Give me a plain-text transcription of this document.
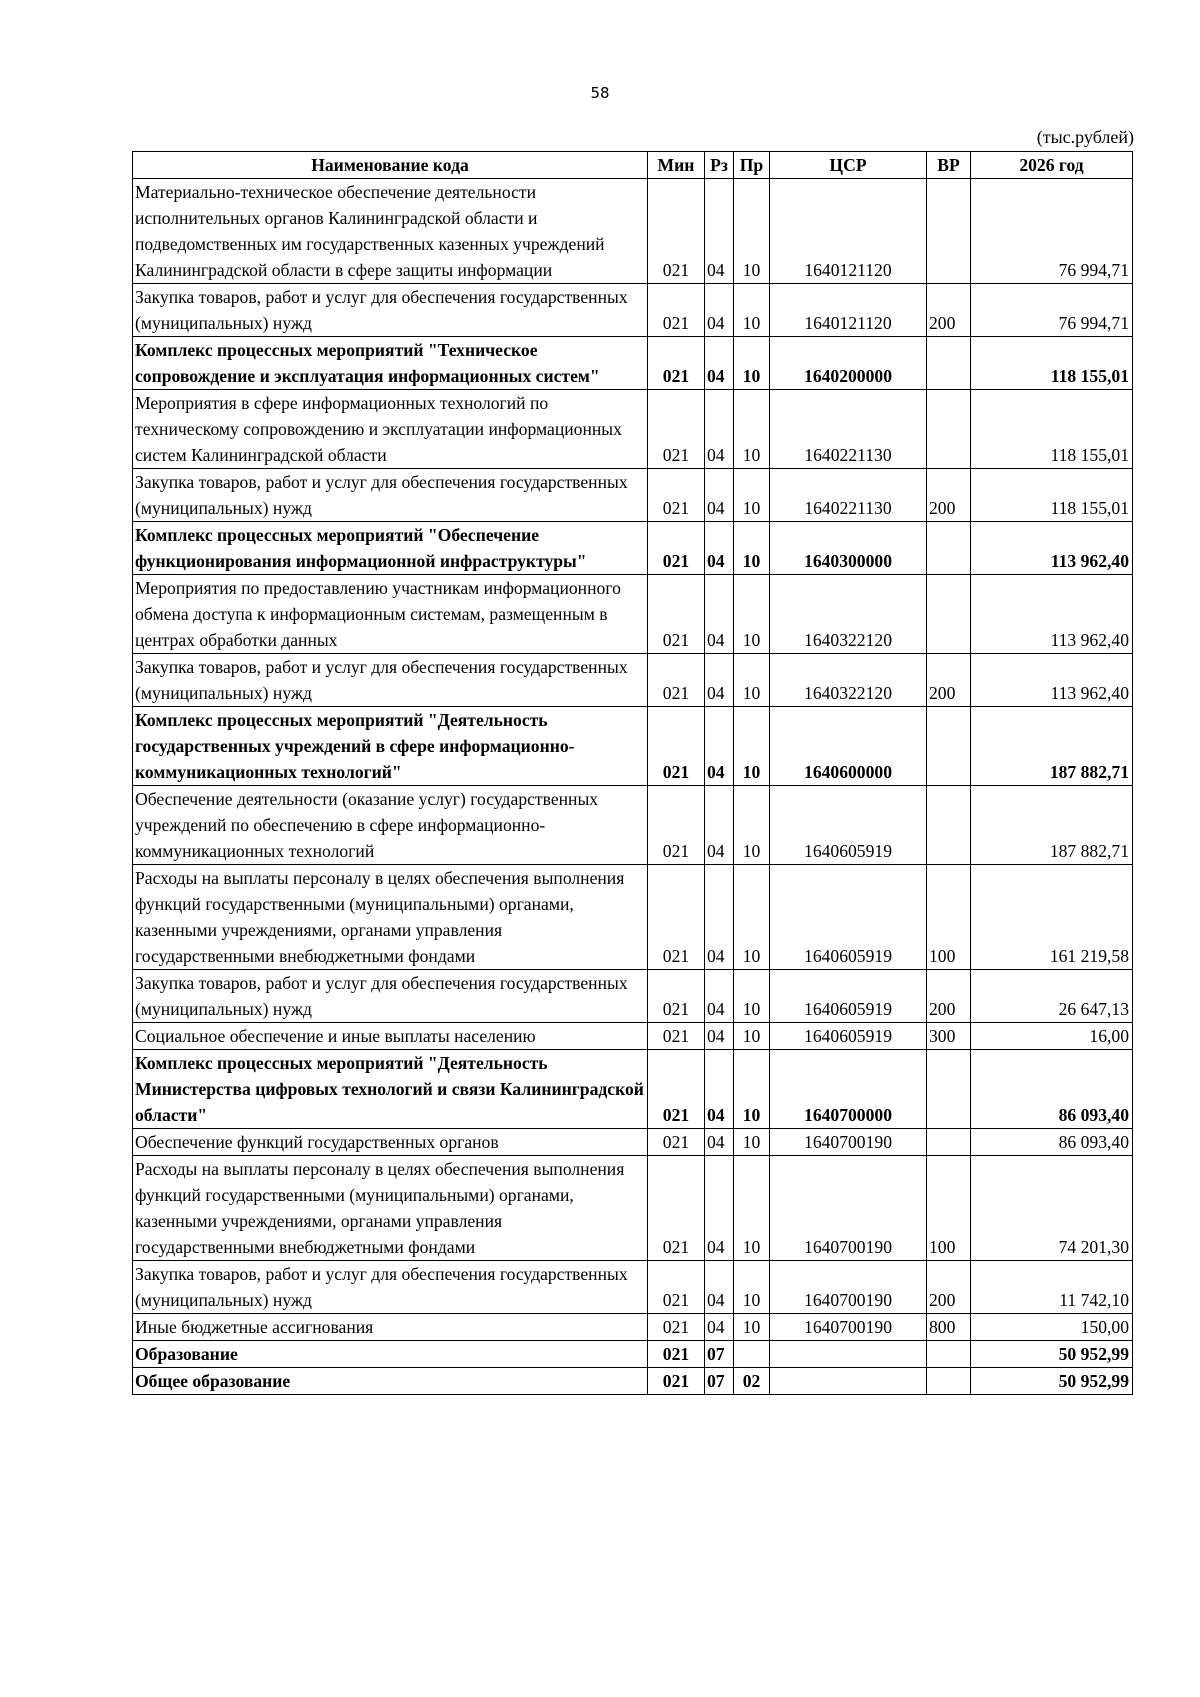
58
(тыс.рублей)
Наименование кода	Мин	Рз	Пр	ЦСР	ВР	2026 год
Материально-техническое обеспечение деятельности исполнительных органов Калининградской области и подведомственных им государственных казенных учреждений Калининградской области в сфере защиты информации	021	04	10	1640121120		76 994,71
Закупка товаров, работ и услуг для обеспечения государственных (муниципальных) нужд	021	04	10	1640121120	200	76 994,71
Комплекс процессных мероприятий "Техническое сопровождение и эксплуатация информационных систем"	021	04	10	1640200000		118 155,01
Мероприятия в сфере информационных технологий по техническому сопровождению и эксплуатации информационных систем Калининградской области	021	04	10	1640221130		118 155,01
Закупка товаров, работ и услуг для обеспечения государственных (муниципальных) нужд	021	04	10	1640221130	200	118 155,01
Комплекс процессных мероприятий "Обеспечение функционирования информационной инфраструктуры"	021	04	10	1640300000		113 962,40
Мероприятия по предоставлению участникам информационного обмена доступа к информационным системам, размещенным в центрах обработки данных	021	04	10	1640322120		113 962,40
Закупка товаров, работ и услуг для обеспечения государственных (муниципальных) нужд	021	04	10	1640322120	200	113 962,40
Комплекс процессных мероприятий "Деятельность государственных учреждений в сфере информационно-коммуникационных технологий"	021	04	10	1640600000		187 882,71
Обеспечение деятельности (оказание услуг) государственных учреждений по обеспечению в сфере информационно-коммуникационных технологий	021	04	10	1640605919		187 882,71
Расходы на выплаты персоналу в целях обеспечения выполнения функций государственными (муниципальными) органами, казенными учреждениями, органами управления государственными внебюджетными фондами	021	04	10	1640605919	100	161 219,58
Закупка товаров, работ и услуг для обеспечения государственных (муниципальных) нужд	021	04	10	1640605919	200	26 647,13
Социальное обеспечение и иные выплаты населению	021	04	10	1640605919	300	16,00
Комплекс процессных мероприятий "Деятельность Министерства цифровых технологий и связи Калининградской области"	021	04	10	1640700000		86 093,40
Обеспечение функций государственных органов	021	04	10	1640700190		86 093,40
Расходы на выплаты персоналу в целях обеспечения выполнения функций государственными (муниципальными) органами, казенными учреждениями, органами управления государственными внебюджетными фондами	021	04	10	1640700190	100	74 201,30
Закупка товаров, работ и услуг для обеспечения государственных (муниципальных) нужд	021	04	10	1640700190	200	11 742,10
Иные бюджетные ассигнования	021	04	10	1640700190	800	150,00
Образование	021	07				50 952,99
Общее образование	021	07	02			50 952,99
